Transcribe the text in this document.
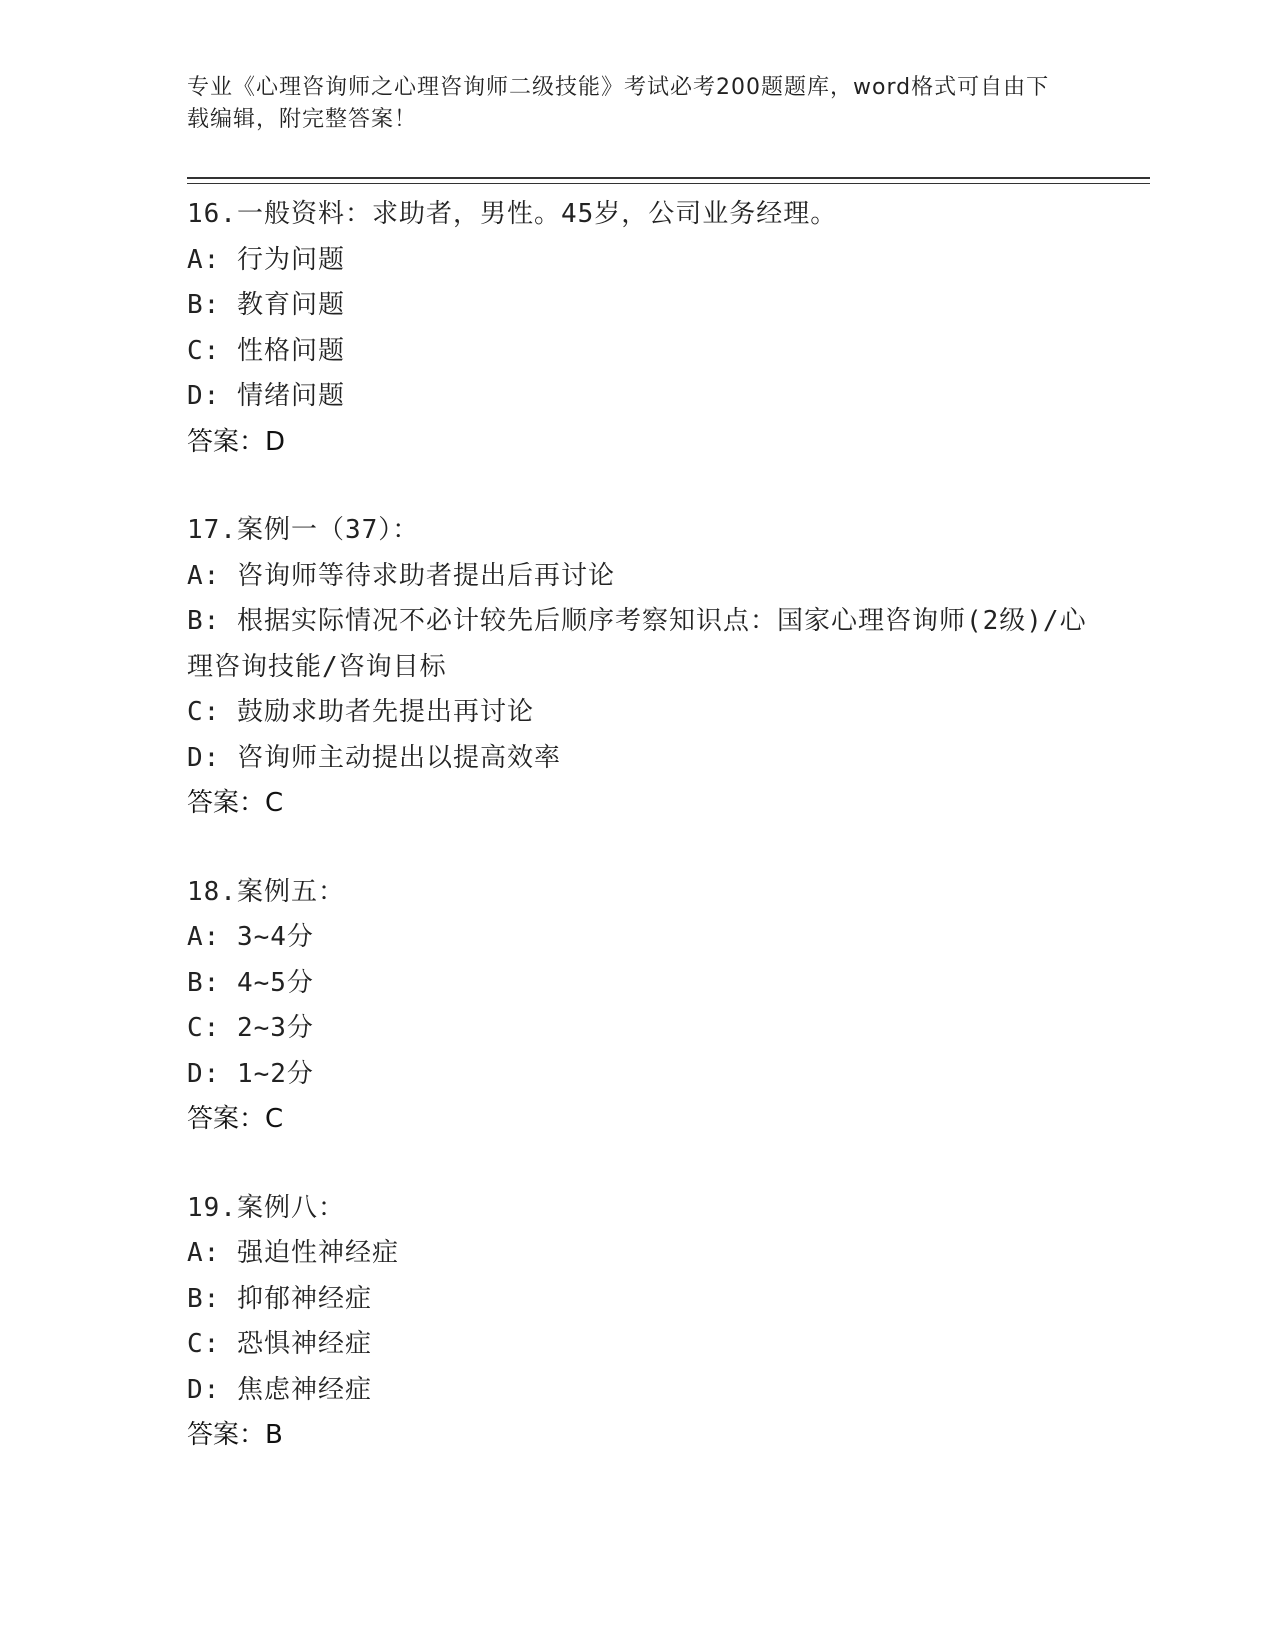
专业《心理咨询师之心理咨询师二级技能》考试必考200题题库，word格式可自由下载编辑，附完整答案！
16.一般资料：求助者，男性。45岁，公司业务经理。
A: 行为问题
B: 教育问题
C: 性格问题
D: 情绪问题
答案：D
17.案例一（37）：
A: 咨询师等待求助者提出后再讨论
B: 根据实际情况不必计较先后顺序考察知识点：国家心理咨询师(2级)/心理咨询技能/咨询目标
C: 鼓励求助者先提出再讨论
D: 咨询师主动提出以提高效率
答案：C
18.案例五：
A: 3~4分
B: 4~5分
C: 2~3分
D: 1~2分
答案：C
19.案例八：
A: 强迫性神经症
B: 抑郁神经症
C: 恐惧神经症
D: 焦虑神经症
答案：B
